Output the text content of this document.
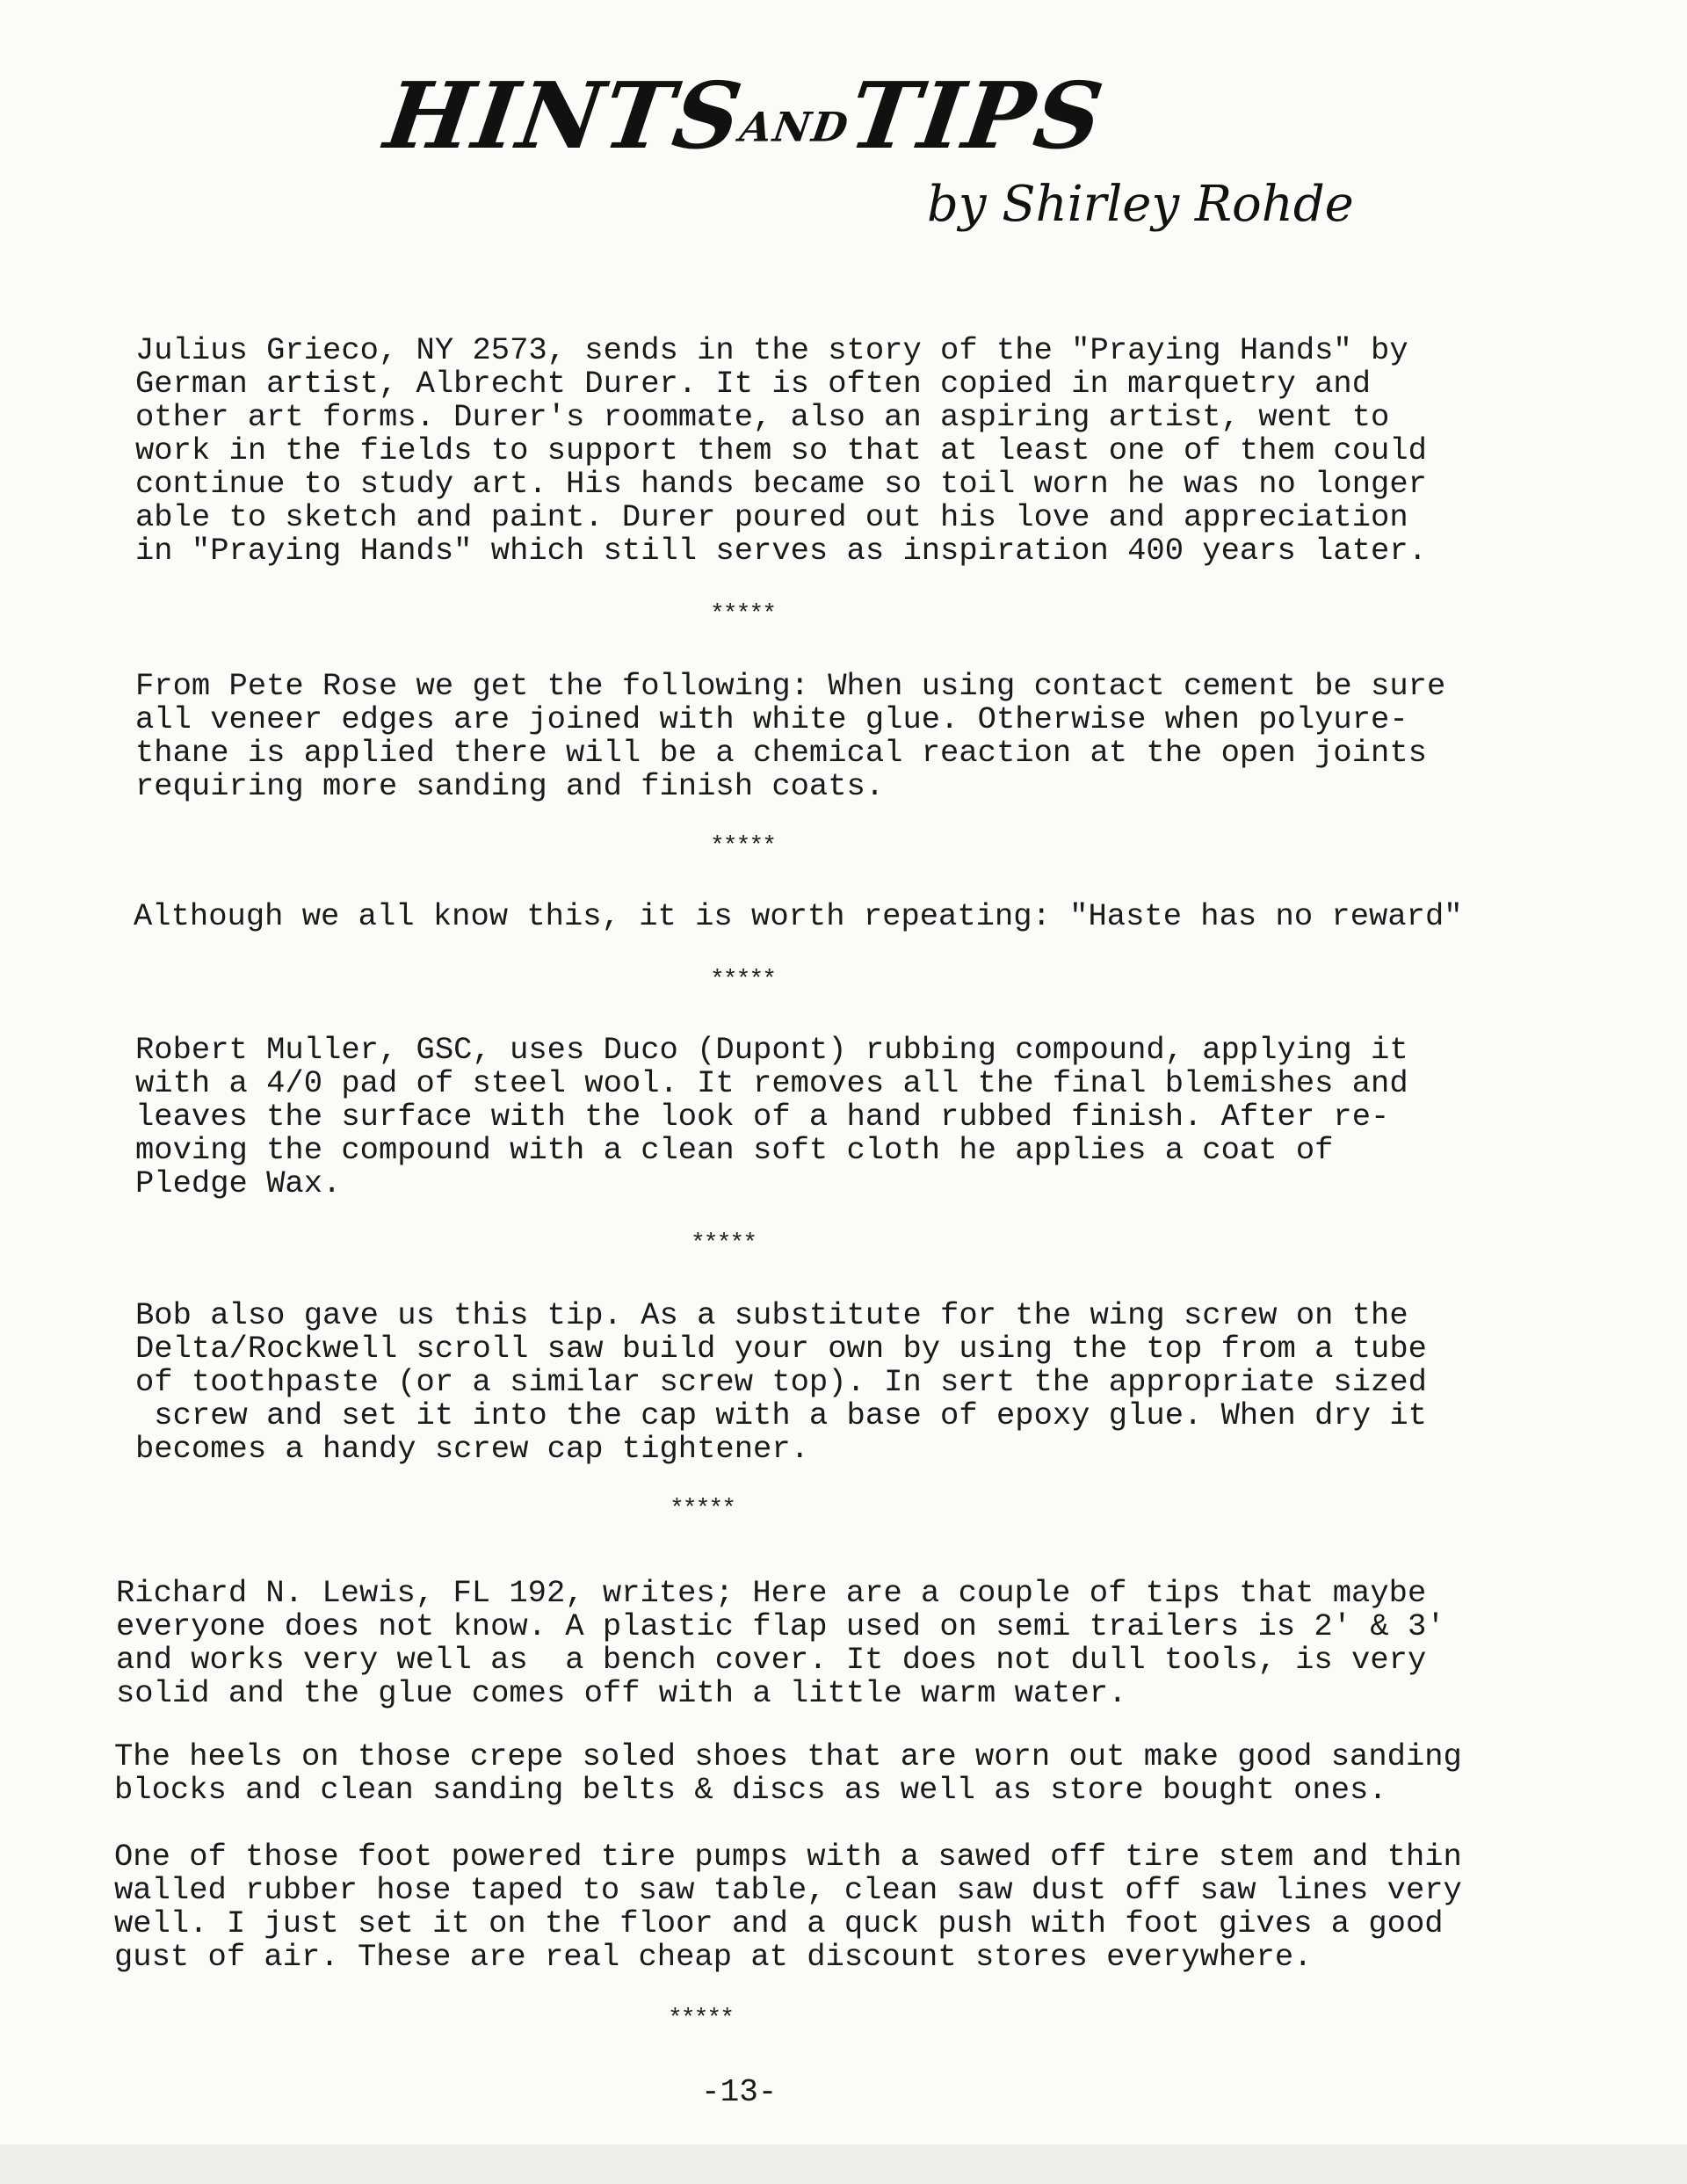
HINTSANDTIPS
by Shirley Rohde
Julius Grieco, NY 2573, sends in the story of the "Praying Hands" by
German artist, Albrecht Durer. It is often copied in marquetry and
other art forms. Durer's roommate, also an aspiring artist, went to
work in the fields to support them so that at least one of them could
continue to study art. His hands became so toil worn he was no longer
able to sketch and paint. Durer poured out his love and appreciation
in "Praying Hands" which still serves as inspiration 400 years later.
*****
From Pete Rose we get the following: When using contact cement be sure
all veneer edges are joined with white glue. Otherwise when polyure-
thane is applied there will be a chemical reaction at the open joints
requiring more sanding and finish coats.
*****
Although we all know this, it is worth repeating: "Haste has no reward"
*****
Robert Muller, GSC, uses Duco (Dupont) rubbing compound, applying it
with a 4/0 pad of steel wool. It removes all the final blemishes and
leaves the surface with the look of a hand rubbed finish. After re-
moving the compound with a clean soft cloth he applies a coat of
Pledge Wax.
*****
Bob also gave us this tip. As a substitute for the wing screw on the
Delta/Rockwell scroll saw build your own by using the top from a tube
of toothpaste (or a similar screw top). In sert the appropriate sized
screw and set it into the cap with a base of epoxy glue. When dry it
becomes a handy screw cap tightener.
*****
Richard N. Lewis, FL 192, writes; Here are a couple of tips that maybe
everyone does not know. A plastic flap used on semi trailers is 2' & 3'
and works very well as  a bench cover. It does not dull tools, is very
solid and the glue comes off with a little warm water.
The heels on those crepe soled shoes that are worn out make good sanding
blocks and clean sanding belts & discs as well as store bought ones.
One of those foot powered tire pumps with a sawed off tire stem and thin
walled rubber hose taped to saw table, clean saw dust off saw lines very
well. I just set it on the floor and a quck push with foot gives a good
gust of air. These are real cheap at discount stores everywhere.
*****
-13-
